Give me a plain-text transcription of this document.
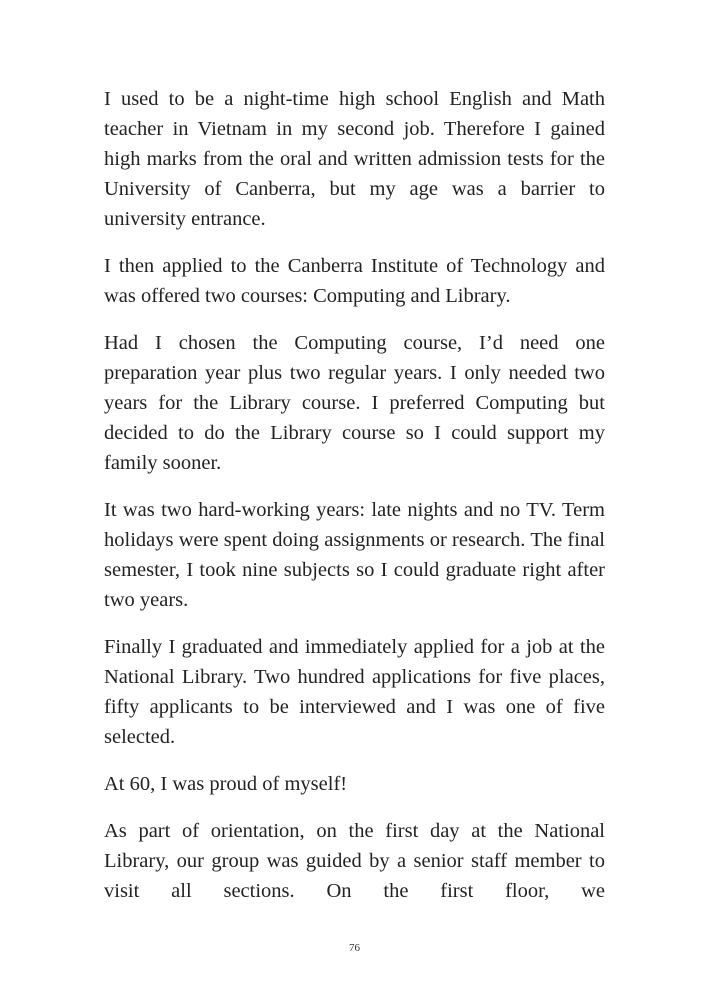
I used to be a night-time high school English and Math teacher in Vietnam in my second job. Therefore I gained high marks from the oral and written admission tests for the University of Canberra, but my age was a barrier to university entrance.

I then applied to the Canberra Institute of Technology and was offered two courses: Computing and Library.

Had I chosen the Computing course, I’d need one preparation year plus two regular years. I only needed two years for the Library course. I preferred Computing but decided to do the Library course so I could support my family sooner.

It was two hard-working years: late nights and no TV. Term holidays were spent doing assignments or research. The final semester, I took nine subjects so I could graduate right after two years.

Finally I graduated and immediately applied for a job at the National Library. Two hundred applications for five places, fifty applicants to be interviewed and I was one of five selected.

At 60, I was proud of myself!

As part of orientation, on the first day at the National Library, our group was guided by a senior staff member to visit all sections. On the first floor, we

76
